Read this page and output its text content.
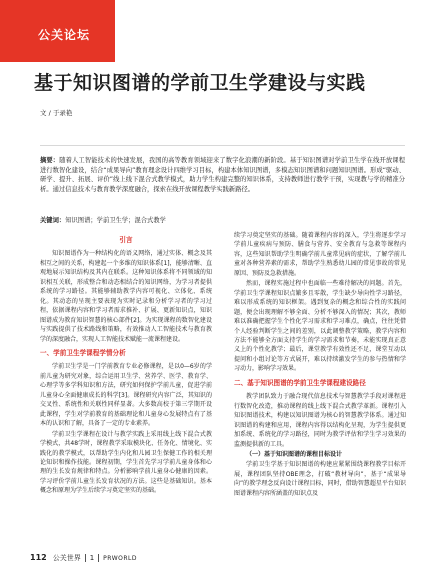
公关论坛
基于知识图谱的学前卫生学建设与实践
文 / 于录艳
摘要：随着人工智能技术的快速发展，我国的高等教育领域迎来了数字化浪潮的新阶段。基于知识图谱对学前卫生学在线开放课程进行数智化建设，结合“成果导向”教育理念设计四维学习目标，构建本体知识图谱，多模态知识图谱和问题知识图谱。形成“驱动、研学、提升、拓展、评价”线上线下混合式教学模式，助力学生构建完整的知识体系，支持教师进行教学干预，实现教与学的精准分析。通过信息技术与教育教学深度融合，探索在线开放课程教学实践新路径。
关键词：知识图谱；学前卫生学；混合式教学
引言

知识图谱作为一种结构化的语义网络，通过实体、概念及其相互之间的关系，构建起一个多维的知识体系[1]，能够清晰、直观地展示知识结构及其内在联系。这种知识体系将不同领域的知识相互关联，形成整合和动态相结合的知识网络，为学习者提供系统的学习路径。其能够辅助教学内容可视化、立体化、系统化。其动态的呈现主要表现为实时记录和分析学习者的学习过程，依据课程内容和学习者需求推补、扩展、更新知识点，知识图谱成为教育知识智慧的核心部件[2]。为实现课程的数智化建设与实践提供了技术路线和策略，有效推动人工智能技术与教育教学的深度融合，实现人工智能技术赋能一流课程建设。

一、学前卫生学课程学情分析

学前卫生学是一门学前教育专业必修课程，是以0—6岁的学前儿童为研究对象，综合运用卫生学、营养学、医学、教育学、心理学等多学科知识和方法，研究如何保护学前儿童，促进学前儿童身心全面健康成长的科学[3]。课程研究内容广泛，其知识的交叉性、系统性和关联性同样显著。大多数高校于第三学期开设此课程，学生对学前教育的基础理论和儿童身心发展特点有了基本的认识和了解，具备了一定的专业素养。

学前卫生学课程在设计与教学实践上采用线上线下混合式教学模式，共48学时，课程教学采取模块化、任务化、情境化、实践化的教学模式，以帮助学生内化和儿园卫生保健工作的相关理论知识和操作技能。课程初期，学生首先学习学前儿童身体和心理的生长发育规律和特点。分析影响学前儿童身心健康的因素。学习评价学前儿童生长发育状况的方法。这些是基础知识。基本概念和原理为学生后续学习奠定坚实的基础。

续学习奠定坚实的基础。随着课程内容的深入，学生将逐步学习学前儿童疾病与预防、膳食与营养、安全教育与急救等课程内容，这些知识帮助学生明确学前儿童常见病的症状，了解学前儿童对各种营养素的需求，帮助学生熟悉幼儿园的常见事故的常见原因、预防及急救措施。

然而，课程实施过程中也面临一些难待解决的问题。首先，学前卫生学课程知识点繁多且零散，学生缺少导向性学习路径，难以形成系统的知识框架。遇到复杂的概念和综合性的实践问题，便会出现理解不够全面、分析不够深入的情况；其次，教师难以准确把握学生个性化学习需求和学习难点，确点，往往凭借个人经验判断学生之间的差别，以此调整教学策略，教学内容和方法不能够全方面支持学生的学习需求和节奏，未能实现真正意义上的个性化教学；最后，课堂教学有效性还不足，课堂互动以提问和小组讨论等方式展开，难以持续激发学生的参与热情和学习动力，影响学习效果。

二、基于知识图谱的学前卫生学课程建设路径

教学团队致力于融合现代信息技术与智慧教学手段对课程进行数智化改造，推动课程的线上线下混合式教学革新。课程引入知识图谱技术，构建以知识图谱为核心的智慧教学体系。通过知识图谱的构建和应用，课程内容得以结构化呈现，为学生提供更加系统、系统化的学习路径，同时为教学评估和学生学习效果的监测提供新的工具。

（一）基于知识图谱的课程目标设计

学前卫生学基于知识图谱的构建应紧紧围绕课程教学目标开展，课程团队坚持OBE理念，打破“教材导向”，基于“成果导向”的教学理念反向设计课程目标，同时，借助智慧超星平台知识图谱课程内容所涵盖的知识点及

112 公关世界 1 PRWORLD
